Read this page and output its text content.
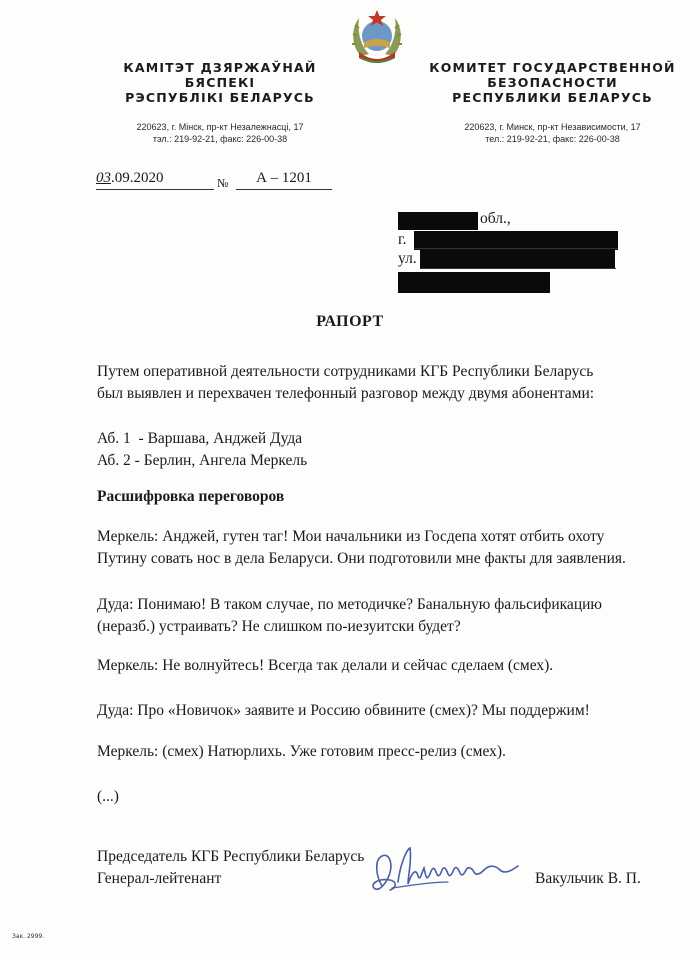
КАМІТЭТ ДЗЯРЖАЎНАЙ
БЯСПЕКІ
РЭСПУБЛІКІ БЕЛАРУСЬ
220623, г. Мінск, пр-кт Незалежнасці, 17
тэл.: 219-92-21, факс: 226-00-38
КОМИТЕТ ГОСУДАРСТВЕННОЙ
БЕЗОПАСНОСТИ
РЕСПУБЛИКИ БЕЛАРУСЬ
220623, г. Минск, пр-кт Независимости, 17
тел.: 219-92-21, факс: 226-00-38
03.09.2020	№	А – 1201
обл.,
г.
ул.
РАПОРТ
Путем оперативной деятельности сотрудниками КГБ Республики Беларусь
был выявлен и перехвачен телефонный разговор между двумя абонентами:
Аб. 1  - Варшава, Анджей Дуда
Аб. 2 - Берлин, Ангела Меркель
Расшифровка переговоров
Меркель: Анджей, гутен таг! Мои начальники из Госдепа хотят отбить охоту
Путину совать нос в дела Беларуси. Они подготовили мне факты для заявления.
Дуда: Понимаю! В таком случае, по методичке? Банальную фальсификацию
(неразб.) устраивать? Не слишком по-иезуитски будет?
Меркель: Не волнуйтесь! Всегда так делали и сейчас сделаем (смех).
Дуда: Про «Новичок» заявите и Россию обвините (смех)? Мы поддержим!
Меркель: (смех) Натюрлихь. Уже готовим пресс-релиз (смех).
(...)
Председатель КГБ Республики Беларусь
Генерал-лейтенант	Вакульчик В. П.
Зак. 2999.
